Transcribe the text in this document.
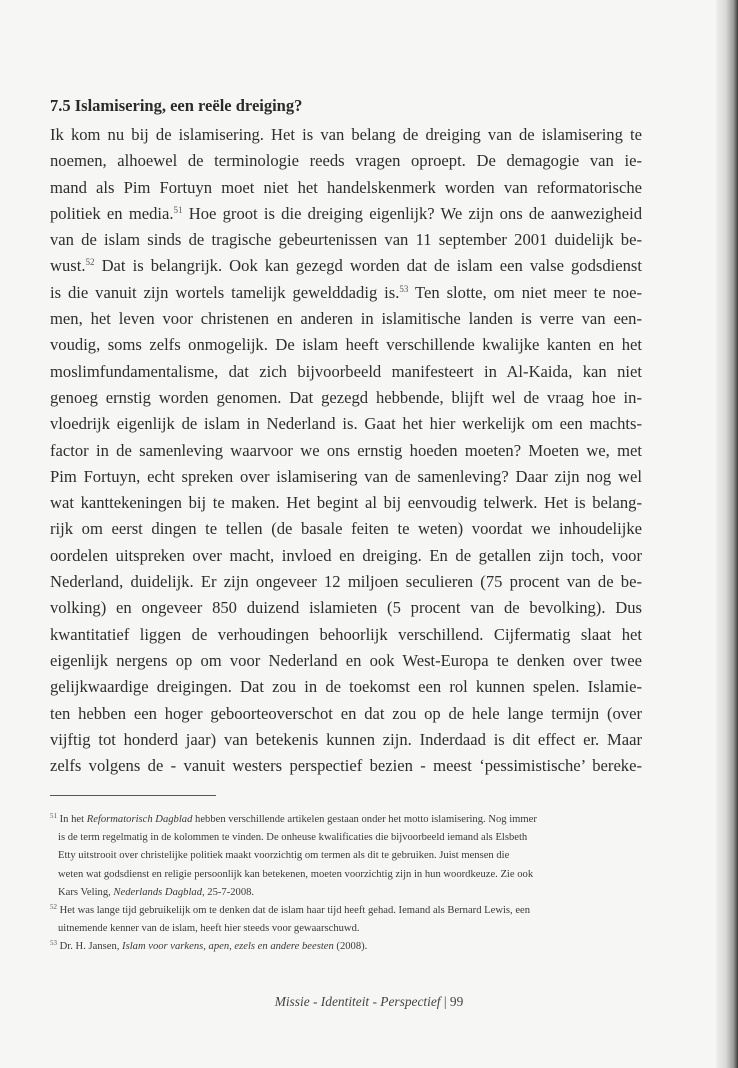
7.5 Islamisering, een reële dreiging?
Ik kom nu bij de islamisering. Het is van belang de dreiging van de islamisering te
noemen, alhoewel de terminologie reeds vragen oproept. De demagogie van ie-
mand als Pim Fortuyn moet niet het handelskenmerk worden van reformatorische
politiek en media.$^{51}$ Hoe groot is die dreiging eigenlijk? We zijn ons de aanwezigheid
van de islam sinds de tragische gebeurtenissen van 11 september 2001 duidelijk be-
wust.$^{52}$ Dat is belangrijk. Ook kan gezegd worden dat de islam een valse godsdienst
is die vanuit zijn wortels tamelijk gewelddadig is.$^{53}$ Ten slotte, om niet meer te noe-
men, het leven voor christenen en anderen in islamitische landen is verre van een-
voudig, soms zelfs onmogelijk. De islam heeft verschillende kwalijke kanten en het
moslimfundamentalisme, dat zich bijvoorbeeld manifesteert in Al-Kaida, kan niet
genoeg ernstig worden genomen. Dat gezegd hebbende, blijft wel de vraag hoe in-
vloedrijk eigenlijk de islam in Nederland is. Gaat het hier werkelijk om een machts-
factor in de samenleving waarvoor we ons ernstig hoeden moeten? Moeten we, met
Pim Fortuyn, echt spreken over islamisering van de samenleving? Daar zijn nog wel
wat kanttekeningen bij te maken. Het begint al bij eenvoudig telwerk. Het is belang-
rijk om eerst dingen te tellen (de basale feiten te weten) voordat we inhoudelijke
oordelen uitspreken over macht, invloed en dreiging. En de getallen zijn toch, voor
Nederland, duidelijk. Er zijn ongeveer 12 miljoen seculieren (75 procent van de be-
volking) en ongeveer 850 duizend islamieten (5 procent van de bevolking). Dus
kwantitatief liggen de verhoudingen behoorlijk verschillend. Cijfermatig slaat het
eigenlijk nergens op om voor Nederland en ook West-Europa te denken over twee
gelijkwaardige dreigingen. Dat zou in de toekomst een rol kunnen spelen. Islamie-
ten hebben een hoger geboorteoverschot en dat zou op de hele lange termijn (over
vijftig tot honderd jaar) van betekenis kunnen zijn. Inderdaad is dit effect er. Maar
zelfs volgens de - vanuit westers perspectief bezien - meest ‘pessimistische’ bereke-
$^{51}$ In het Reformatorisch Dagblad hebben verschillende artikelen gestaan onder het motto islamisering. Nog immer
is de term regelmatig in de kolommen te vinden. De onheuse kwalificaties die bijvoorbeeld iemand als Elsbeth
Etty uitstrooit over christelijke politiek maakt voorzichtig om termen als dit te gebruiken. Juist mensen die
weten wat godsdienst en religie persoonlijk kan betekenen, moeten voorzichtig zijn in hun woordkeuze. Zie ook
Kars Veling, Nederlands Dagblad, 25-7-2008.
$^{52}$ Het was lange tijd gebruikelijk om te denken dat de islam haar tijd heeft gehad. Iemand als Bernard Lewis, een
uitnemende kenner van de islam, heeft hier steeds voor gewaarschuwd.
$^{53}$ Dr. H. Jansen, Islam voor varkens, apen, ezels en andere beesten (2008).
Missie - Identiteit - Perspectief | 99
